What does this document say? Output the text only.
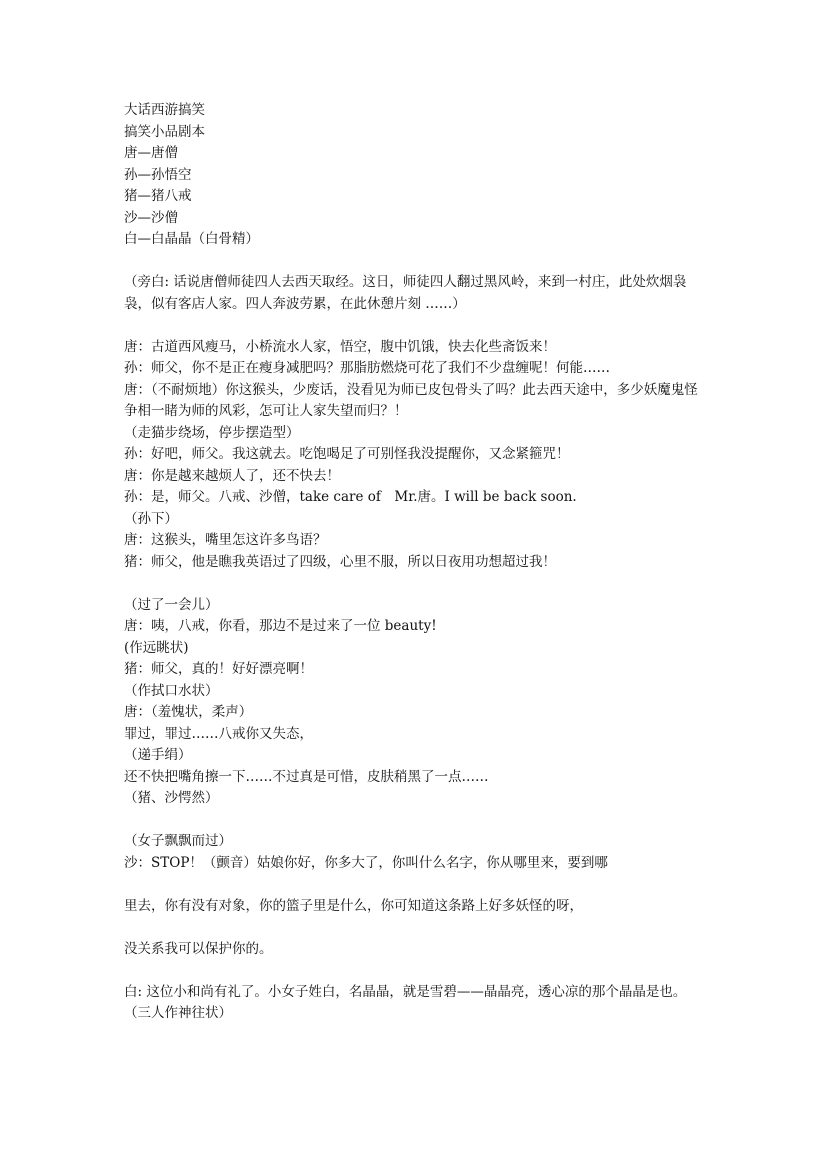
大话西游搞笑
搞笑小品剧本
唐—唐僧
孙—孙悟空
猪—猪八戒
沙—沙僧
白—白晶晶（白骨精）
（旁白: 话说唐僧师徒四人去西天取经。这日，师徒四人翻过黑风岭，来到一村庄，此处炊烟袅袅，似有客店人家。四人奔波劳累，在此休憩片刻 ……）
唐：古道西风瘦马，小桥流水人家，悟空，腹中饥饿，快去化些斋饭来！
孙：师父，你不是正在瘦身减肥吗？那脂肪燃烧可花了我们不少盘缠呢！何能……
唐：（不耐烦地）你这猴头，少废话，没看见为师已皮包骨头了吗？此去西天途中，多少妖魔鬼怪争相一睹为师的风彩，怎可让人家失望而归？！
（走猫步绕场，停步摆造型）
孙：好吧，师父。我这就去。吃饱喝足了可别怪我没提醒你，又念紧箍咒！
唐：你是越来越烦人了，还不快去！
孙：是，师父。八戒、沙僧，take care of　Mr.唐。I will be back soon.
（孙下）
唐：这猴头，嘴里怎这许多鸟语？
猪：师父，他是瞧我英语过了四级，心里不服，所以日夜用功想超过我！
（过了一会儿）
唐：咦，八戒，你看，那边不是过来了一位 beauty!
(作远眺状)
猪：师父，真的！好好漂亮啊！
（作拭口水状）
唐：（羞愧状，柔声）
罪过，罪过……八戒你又失态，
（递手绢）
还不快把嘴角擦一下……不过真是可惜，皮肤稍黑了一点……
（猪、沙愕然）
（女子飘飘而过）
沙：STOP！（颤音）姑娘你好，你多大了，你叫什么名字，你从哪里来，要到哪
里去，你有没有对象，你的篮子里是什么，你可知道这条路上好多妖怪的呀，
没关系我可以保护你的。
白: 这位小和尚有礼了。小女子姓白，名晶晶，就是雪碧——晶晶亮，透心凉的那个晶晶是也。
（三人作神往状）
